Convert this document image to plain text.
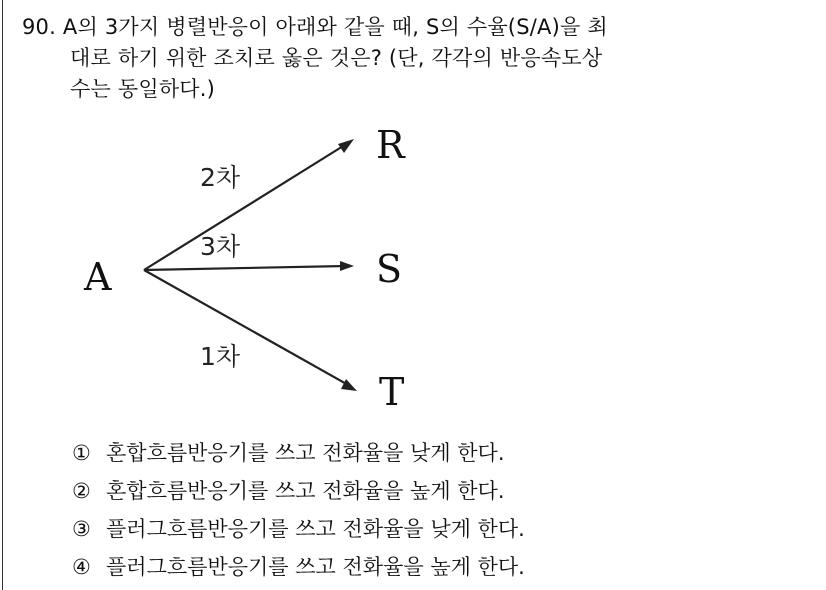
90. A의 3가지 병렬반응이 아래와 같을 때, S의 수율(S/A)을 최
대로 하기 위한 조치로 옳은 것은? (단, 각각의 반응속도상
수는 동일하다.)
A
R
S
T
2차
3차
1차
① 혼합흐름반응기를 쓰고 전화율을 낮게 한다.
② 혼합흐름반응기를 쓰고 전화율을 높게 한다.
③ 플러그흐름반응기를 쓰고 전화율을 낮게 한다.
④ 플러그흐름반응기를 쓰고 전화율을 높게 한다.
